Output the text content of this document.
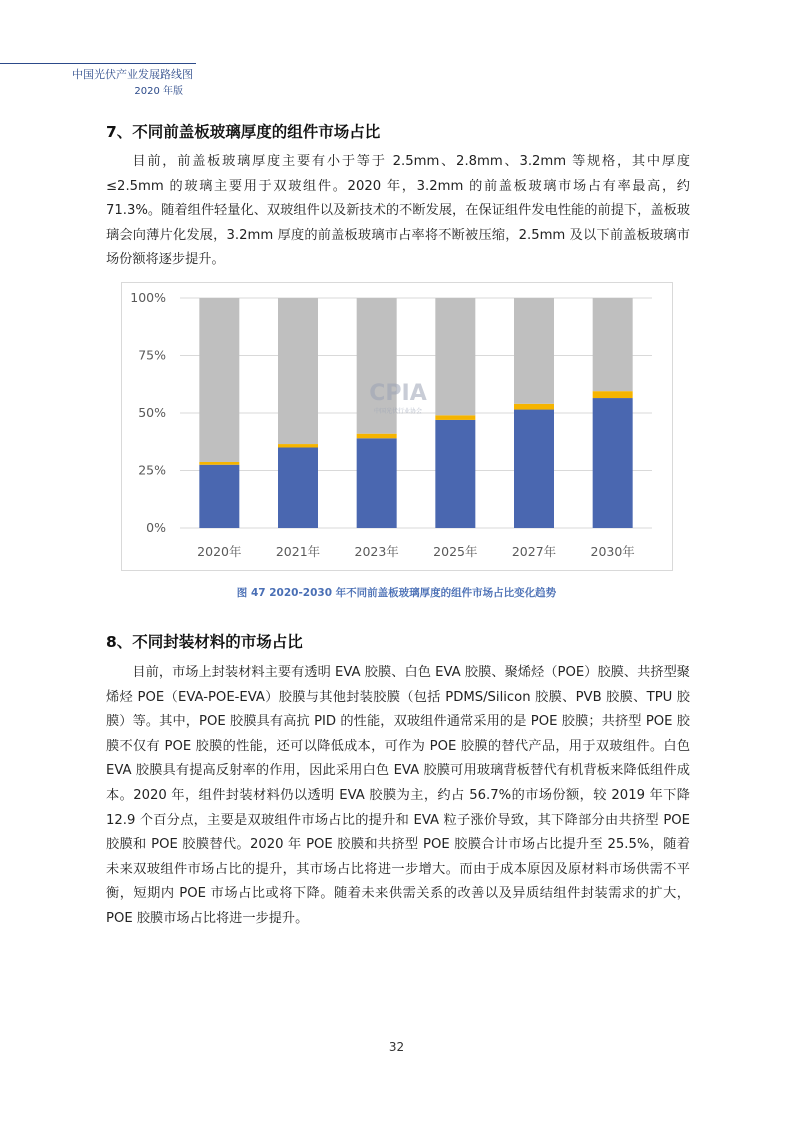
中国光伏产业发展路线图
2020 年版
7、不同前盖板玻璃厚度的组件市场占比

目前，前盖板玻璃厚度主要有小于等于 2.5mm、2.8mm、3.2mm 等规格，其中厚度≤2.5mm 的玻璃主要用于双玻组件。2020 年，3.2mm 的前盖板玻璃市场占有率最高，约 71.3%。随着组件轻量化、双玻组件以及新技术的不断发展，在保证组件发电性能的前提下，盖板玻璃会向薄片化发展，3.2mm 厚度的前盖板玻璃市占率将不断被压缩，2.5mm 及以下前盖板玻璃市场份额将逐步提升。

0%
25%
50%
75%
100%
2020年	2021年	2023年	2025年	2027年	2030年
CPIA
中国光伏行业协会
图 47 2020-2030 年不同前盖板玻璃厚度的组件市场占比变化趋势
8、不同封装材料的市场占比

目前，市场上封装材料主要有透明 EVA 胶膜、白色 EVA 胶膜、聚烯烃（POE）胶膜、共挤型聚烯烃 POE（EVA-POE-EVA）胶膜与其他封装胶膜（包括 PDMS/Silicon 胶膜、PVB 胶膜、TPU 胶膜）等。其中，POE 胶膜具有高抗 PID 的性能，双玻组件通常采用的是 POE 胶膜；共挤型 POE 胶膜不仅有 POE 胶膜的性能，还可以降低成本，可作为 POE 胶膜的替代产品，用于双玻组件。白色 EVA 胶膜具有提高反射率的作用，因此采用白色 EVA 胶膜可用玻璃背板替代有机背板来降低组件成本。2020 年，组件封装材料仍以透明 EVA 胶膜为主，约占 56.7%的市场份额，较 2019 年下降 12.9 个百分点，主要是双玻组件市场占比的提升和 EVA 粒子涨价导致，其下降部分由共挤型 POE 胶膜和 POE 胶膜替代。2020 年 POE 胶膜和共挤型 POE 胶膜合计市场占比提升至 25.5%，随着未来双玻组件市场占比的提升，其市场占比将进一步增大。而由于成本原因及原材料市场供需不平衡，短期内 POE 市场占比或将下降。随着未来供需关系的改善以及异质结组件封装需求的扩大，POE 胶膜市场占比将进一步提升。

32
